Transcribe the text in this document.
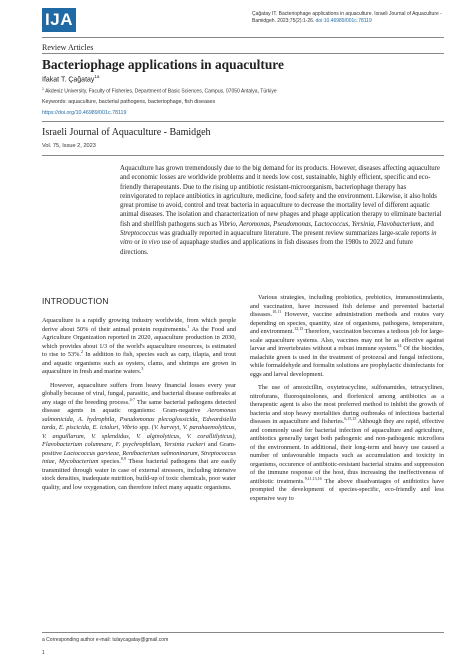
IJA	Çağatay IT. Bacteriophage applications in aquaculture. Israeli Journal of Aquaculture - Bamidgeh. 2023;75(2):1-26. doi:10.46989/001c.78119
Review Articles
Bacteriophage applications in aquaculture
Ifakat T. Çağatay$^{1a}$
$^1$ Akdeniz University, Faculty of Fisheries, Department of Basic Sciences, Campus, 07050 Antalya, Türkiye
Keywords: aquaculture, bacterial pathogens, bacteriophage, fish diseases
https://doi.org/10.46989/001c.78119
Israeli Journal of Aquaculture - Bamidgeh
Vol. 75, Issue 2, 2023
Aquaculture has grown tremendously due to the big demand for its products. However, diseases affecting aquaculture and economic losses are worldwide problems and it needs low cost, sustainable, highly efficient, specific and eco-friendly therapeutants. Due to the rising up antibiotic resistant-microorganism, bacteriophage therapy has reinvigorated to replace antibiotics in agriculture, medicine, food safety and the environment. Likewise, it also holds great promise to avoid, control and treat bacteria in aquaculture to decrease the mortality level of different aquatic animal diseases. The isolation and characterization of new phages and phage application therapy to eliminate bacterial fish and shellfish pathogens such as Vibrio, Aeromonas, Pseudomonas, Lactococcus, Yersinia, Flavobacterium, and Streptococcus was gradually reported in aquaculture literature. The present review summarizes large-scale reports in vitro or in vivo use of aquaphage studies and applications in fish diseases from the 1980s to 2022 and future directions.
INTRODUCTION

Aquaculture is a rapidly growing industry worldwide, from which people derive about 50% of their animal protein requirements.$^1$ As the Food and Agriculture Organization reported in 2020, aquaculture production in 2030, which provides about 1/3 of the world's aquaculture resources, is estimated to rise to 53%.$^2$ In addition to fish, species such as carp, tilapia, and trout and aquatic organisms such as oysters, clams, and shrimps are grown in aquaculture in fresh and marine waters.$^3$

However, aquaculture suffers from heavy financial losses every year globally because of viral, fungal, parasitic, and bacterial disease outbreaks at any stage of the breeding process.$^{4-7}$ The same bacterial pathogens detected disease agents in aquatic organisms: Gram-negative Aeromonas salmonicida, A. hydrophila, Pseudomonas plecoglossicida, Edwardsiella tarda, E. piscicida, E. ictaluri, Vibrio spp. (V. harveyi, V. parahaemolyticus, V. anguillarum, V. splendidus, V. alginolyticus, V. coralliilyticus), Flavobacterium columnare, F. psychrophilum, Yersinia ruckeri and Gram-positive Lactococcus garvieae, Renibacterium salmoninarum, Streptococcus iniae, Mycobacterium species.$^{8,9}$ These bacterial pathogens that are easily transmitted through water in case of external stressors, including intensive stock densities, inadequate nutrition, build-up of toxic chemicals, poor water quality, and low oxygenation, can therefore infect many aquatic organisms.

Various strategies, including probiotics, prebiotics, immunostimulants, and vaccination, have increased fish defense and prevented bacterial diseases.$^{10,11}$ However, vaccine administration methods and routes vary depending on species, quantity, size of organisms, pathogens, temperature, and environment.$^{12,13}$ Therefore, vaccination becomes a tedious job for large-scale aquaculture systems. Also, vaccines may not be as effective against larvae and invertebrates without a robust immune system.$^{14}$ Of the biocides, malachite green is used in the treatment of protozoal and fungal infections, while formaldehyde and formalin solutions are prophylactic disinfectants for eggs and larval development.

The use of amoxicillin, oxytetracycline, sulfonamides, tetracyclines, nitrofurans, fluoroquinolones, and florfenicol among antibiotics as a therapeutic agent is also the most preferred method to inhibit the growth of bacteria and stop heavy mortalities during outbreaks of infectious bacterial diseases in aquaculture and fisheries.$^{6,15,15}$ Although they are rapid, effective and commonly used for bacterial infection of aquaculture and agriculture, antibiotics generally target both pathogenic and non-pathogenic microflora of the environment. In additional, their long-term and heavy use caused a number of unfavourable impacts such as accumulation and toxicity in organisms, occurence of antibiotic-resistant bacterial strains and suppression of the immune response of the host, thus increasing the ineffectiveness of antibiotic treatments.$^{9,11,13,16}$ The above disadvantages of antibiotics have prompted the development of species-specific, eco-friendly and less expensive way to

a Corresponding author e-mail: tulaycagatay@gmail.com
1
